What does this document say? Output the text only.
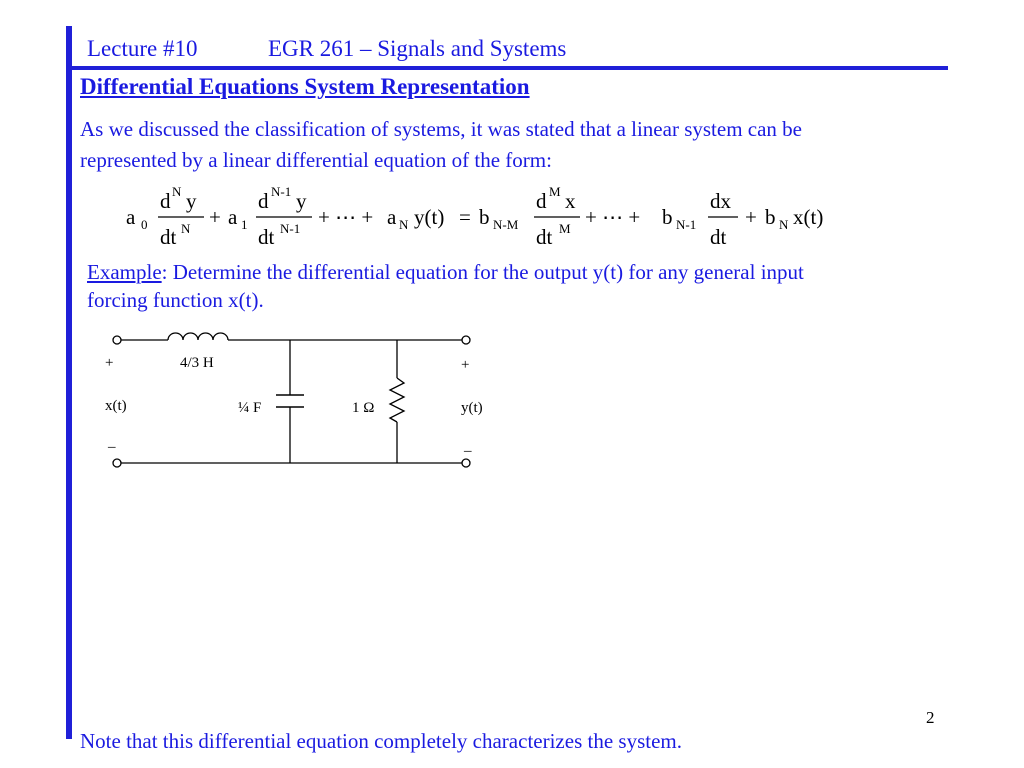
Lecture #10	EGR 261 – Signals and Systems
Differential Equations System Representation
As we discussed the classification of systems, it was stated that a linear system can be
represented by a linear differential equation of the form:
a 0
d N y
dt N + a 1
d N-1 y
dt N-1 + ⋯ + a N y(t) = b N-M
d M x
dt M + ⋯ + b N-1
dx
dt
+ b N x(t)
Example: Determine the differential equation for the output y(t) for any general input
forcing function x(t).
+
x(t)
_
4/3 H
¼ F	1 Ω
+
y(t)
_
2
Note that this differential equation completely characterizes the system.
